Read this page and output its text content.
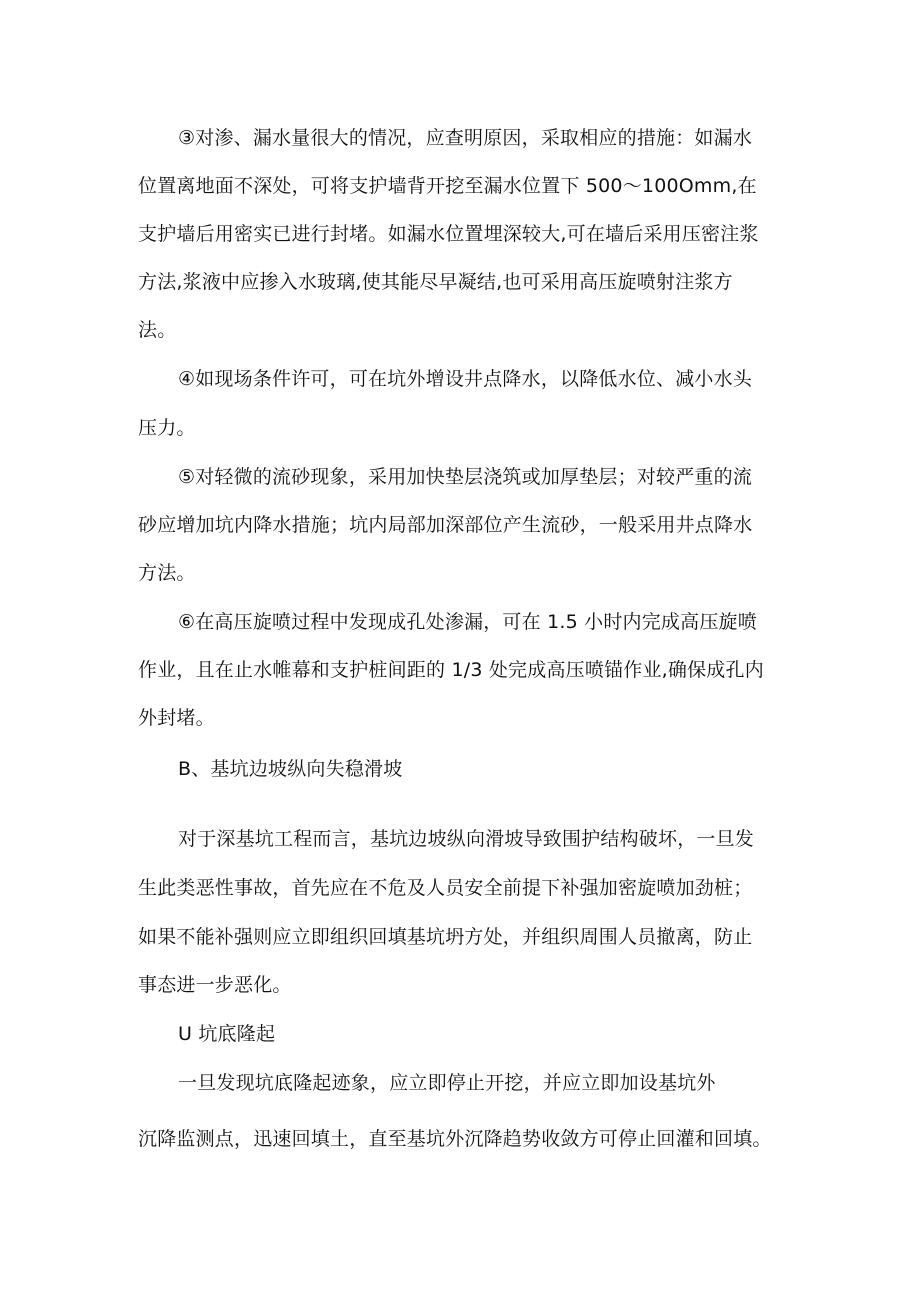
③对渗、漏水量很大的情况，应查明原因，采取相应的措施：如漏水

位置离地面不深处，可将支护墙背开挖至漏水位置下 500～100Omm,在

支护墙后用密实已进行封堵。如漏水位置埋深较大,可在墙后采用压密注浆

方法,浆液中应掺入水玻璃,使其能尽早凝结,也可采用高压旋喷射注浆方

法。

④如现场条件许可，可在坑外增设井点降水，以降低水位、减小水头

压力。

⑤对轻微的流砂现象，采用加快垫层浇筑或加厚垫层；对较严重的流

砂应增加坑内降水措施；坑内局部加深部位产生流砂，一般采用井点降水

方法。

⑥在高压旋喷过程中发现成孔处渗漏，可在 1.5 小时内完成高压旋喷

作业，且在止水帷幕和支护桩间距的 1/3 处完成高压喷锚作业,确保成孔内

外封堵。

B、基坑边坡纵向失稳滑坡

对于深基坑工程而言，基坑边坡纵向滑坡导致围护结构破坏，一旦发

生此类恶性事故，首先应在不危及人员安全前提下补强加密旋喷加劲桩；

如果不能补强则应立即组织回填基坑坍方处，并组织周围人员撤离，防止

事态进一步恶化。

U 坑底隆起

一旦发现坑底隆起迹象，应立即停止开挖，并应立即加设基坑外

沉降监测点，迅速回填土，直至基坑外沉降趋势收敛方可停止回灌和回填。
